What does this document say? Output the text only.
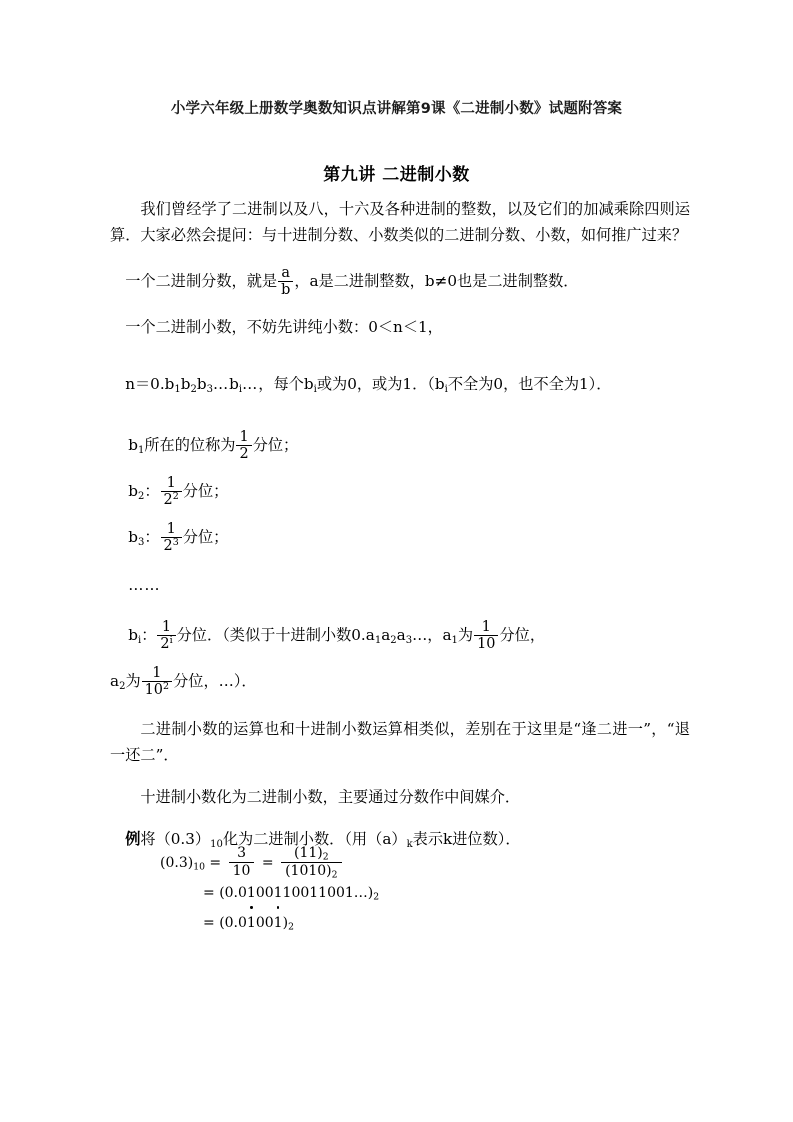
小学六年级上册数学奥数知识点讲解第9课《二进制小数》试题附答案
第九讲 二进制小数

我们曾经学了二进制以及八，十六及各种进制的整数，以及它们的加减乘除四则运算．大家必然会提问：与十进制分数、小数类似的二进制分数、小数，如何推广过来？

一个二进制分数，就是 $\frac{a}{b}$ ，a是二进制整数，b≠0也是二进制整数．

一个二进制小数，不妨先讲纯小数：0＜n＜1，

$n=0.b_1b_2b_3\dots b_i\dots$，每个$b_i$或为0，或为1．（$b_i$不全为0，也不全为1）．

$b_1$所在的位称为 $\frac{1}{2}$ 分位；

$b_2$： $\frac{1}{2^2}$ 分位；

$b_3$： $\frac{1}{2^3}$ 分位；

……

$b_i$： $\frac{1}{2^i}$ 分位．（类似于十进制小数$0.a_1a_2a_3\dots$，$a_1$为 $\frac{1}{10}$ 分位，

$a_2$为 $\frac{1}{10^2}$ 分位，…）．

二进制小数的运算也和十进制小数运算相类似，差别在于这里是“逢二进一”，“退一还二”．

十进制小数化为二进制小数，主要通过分数作中间媒介．

例将$(0.3)_{10}$化为二进制小数．（用$(a)_k$表示k进位数）．

$(0.3)_{10} = \frac{3}{10} = \frac{(11)_2}{(1010)_2}$
= $(0.0100110011001\dots)_2$
= $(0.01001)_2$
